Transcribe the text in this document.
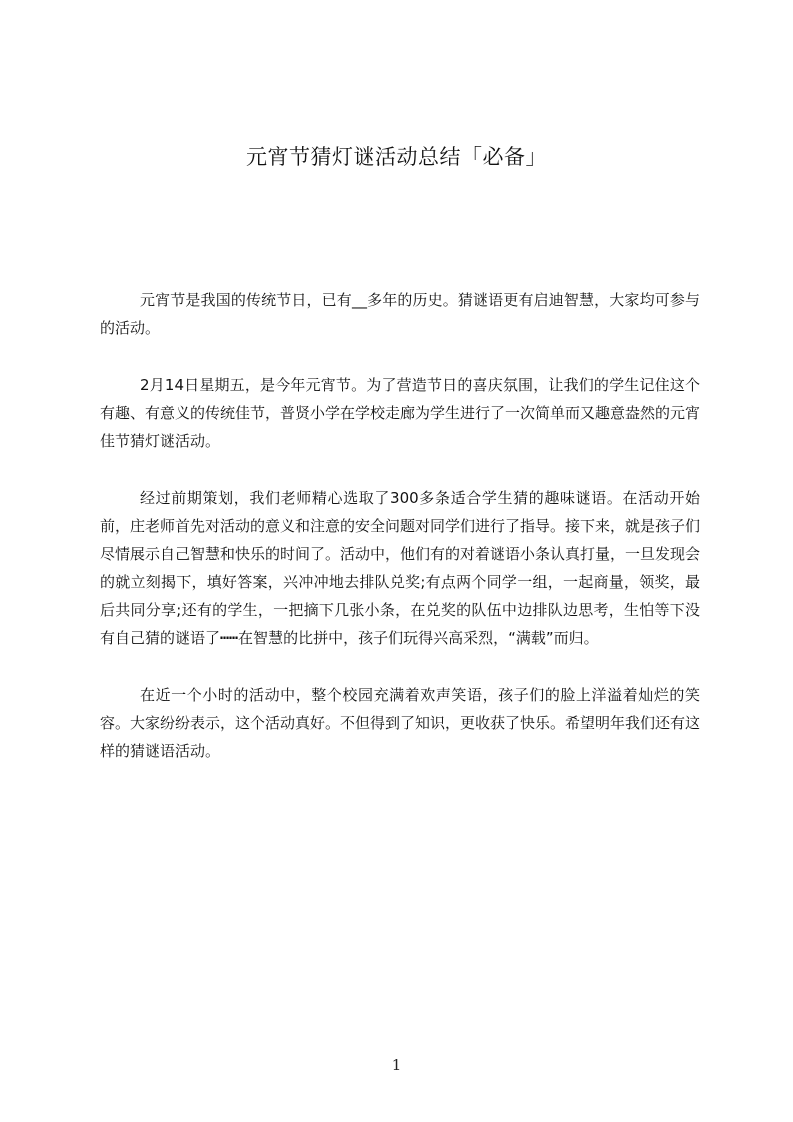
元宵节猜灯谜活动总结「必备」

元宵节是我国的传统节日，已有__多年的历史。猜谜语更有启迪智慧，大家均可参与的活动。

2月14日星期五，是今年元宵节。为了营造节日的喜庆氛围，让我们的学生记住这个有趣、有意义的传统佳节，普贤小学在学校走廊为学生进行了一次简单而又趣意盎然的元宵佳节猜灯谜活动。

经过前期策划，我们老师精心选取了300多条适合学生猜的趣味谜语。在活动开始前，庄老师首先对活动的意义和注意的安全问题对同学们进行了指导。接下来，就是孩子们尽情展示自己智慧和快乐的时间了。活动中，他们有的对着谜语小条认真打量，一旦发现会的就立刻揭下，填好答案，兴冲冲地去排队兑奖;有点两个同学一组，一起商量，领奖，最后共同分享;还有的学生，一把摘下几张小条，在兑奖的队伍中边排队边思考，生怕等下没有自己猜的谜语了┅┅在智慧的比拼中，孩子们玩得兴高采烈，“满载”而归。

在近一个小时的活动中，整个校园充满着欢声笑语，孩子们的脸上洋溢着灿烂的笑容。大家纷纷表示，这个活动真好。不但得到了知识，更收获了快乐。希望明年我们还有这样的猜谜语活动。

1
